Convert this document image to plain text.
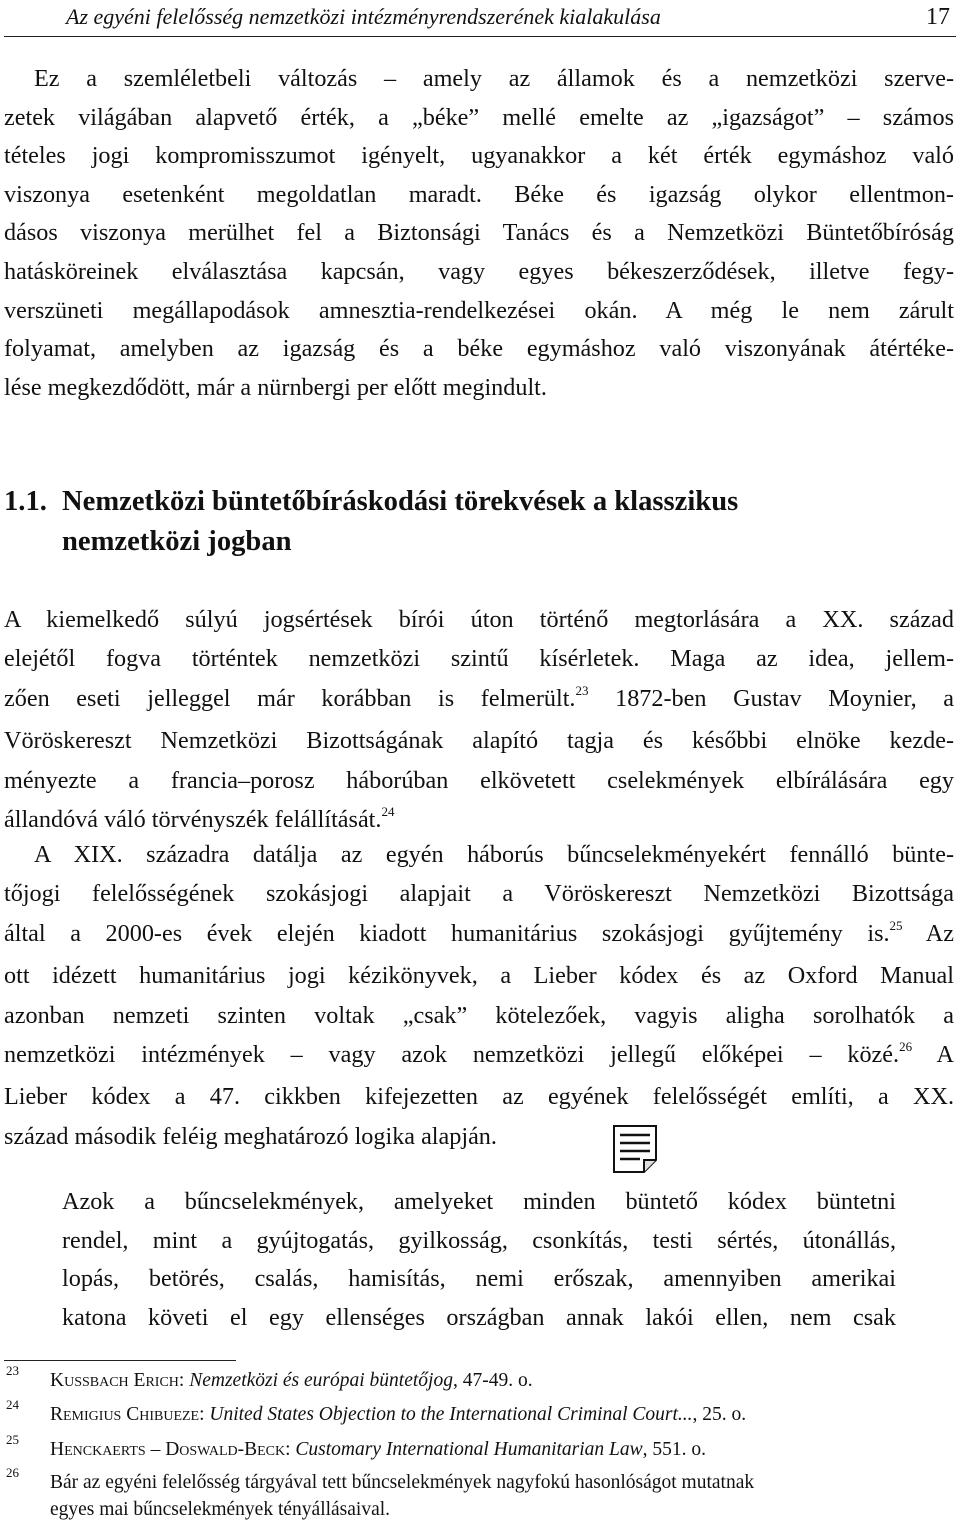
Az egyéni felelősség nemzetközi intézményrendszerének kialakulása	17
Ez a szemléletbeli változás – amely az államok és a nemzetközi szerve-
zetek világában alapvető érték, a „béke” mellé emelte az „igazságot” – számos
tételes jogi kompromisszumot igényelt, ugyanakkor a két érték egymáshoz való
viszonya esetenként megoldatlan maradt. Béke és igazság olykor ellentmon-
dásos viszonya merülhet fel a Biztonsági Tanács és a Nemzetközi Büntetőbíróság
hatásköreinek elválasztása kapcsán, vagy egyes békeszerződések, illetve fegy-
verszüneti megállapodások amnesztia-rendelkezései okán. A még le nem zárult
folyamat, amelyben az igazság és a béke egymáshoz való viszonyának átértéke-
lése megkezdődött, már a nürnbergi per előtt megindult.
1.1. Nemzetközi büntetőbíráskodási törekvések a klasszikus
nemzetközi jogban
A kiemelkedő súlyú jogsértések bírói úton történő megtorlására a XX. század
elejétől fogva történtek nemzetközi szintű kísérletek. Maga az idea, jellem-
zően eseti jelleggel már korábban is felmerült.$^{23}$ 1872-ben Gustav Moynier, a
Vöröskereszt Nemzetközi Bizottságának alapító tagja és későbbi elnöke kezde-
ményezte a francia–porosz háborúban elkövetett cselekmények elbírálására egy
állandóvá váló törvényszék felállítását.$^{24}$
A XIX. századra datálja az egyén háborús bűncselekményekért fennálló bünte-
tőjogi felelősségének szokásjogi alapjait a Vöröskereszt Nemzetközi Bizottsága
által a 2000-es évek elején kiadott humanitárius szokásjogi gyűjtemény is.$^{25}$ Az
ott idézett humanitárius jogi kézikönyvek, a Lieber kódex és az Oxford Manual
azonban nemzeti szinten voltak „csak” kötelezőek, vagyis aligha sorolhatók a
nemzetközi intézmények – vagy azok nemzetközi jellegű előképei – közé.$^{26}$ A
Lieber kódex a 47. cikkben kifejezetten az egyének felelősségét említi, a XX.
század második feléig meghatározó logika alapján.
Azok a bűncselekmények, amelyeket minden büntető kódex büntetni
rendel, mint a gyújtogatás, gyilkosság, csonkítás, testi sértés, útonállás,
lopás, betörés, csalás, hamisítás, nemi erőszak, amennyiben amerikai
katona követi el egy ellenséges országban annak lakói ellen, nem csak
23 Kussbach Erich: Nemzetközi és európai büntetőjog, 47-49. o.
24 Remigius Chibueze: United States Objection to the International Criminal Court..., 25. o.
25 Henckaerts – Doswald-Beck: Customary International Humanitarian Law, 551. o.
26 Bár az egyéni felelősség tárgyával tett bűncselekmények nagyfokú hasonlóságot mutatnak
egyes mai bűncselekmények tényállásaival.
